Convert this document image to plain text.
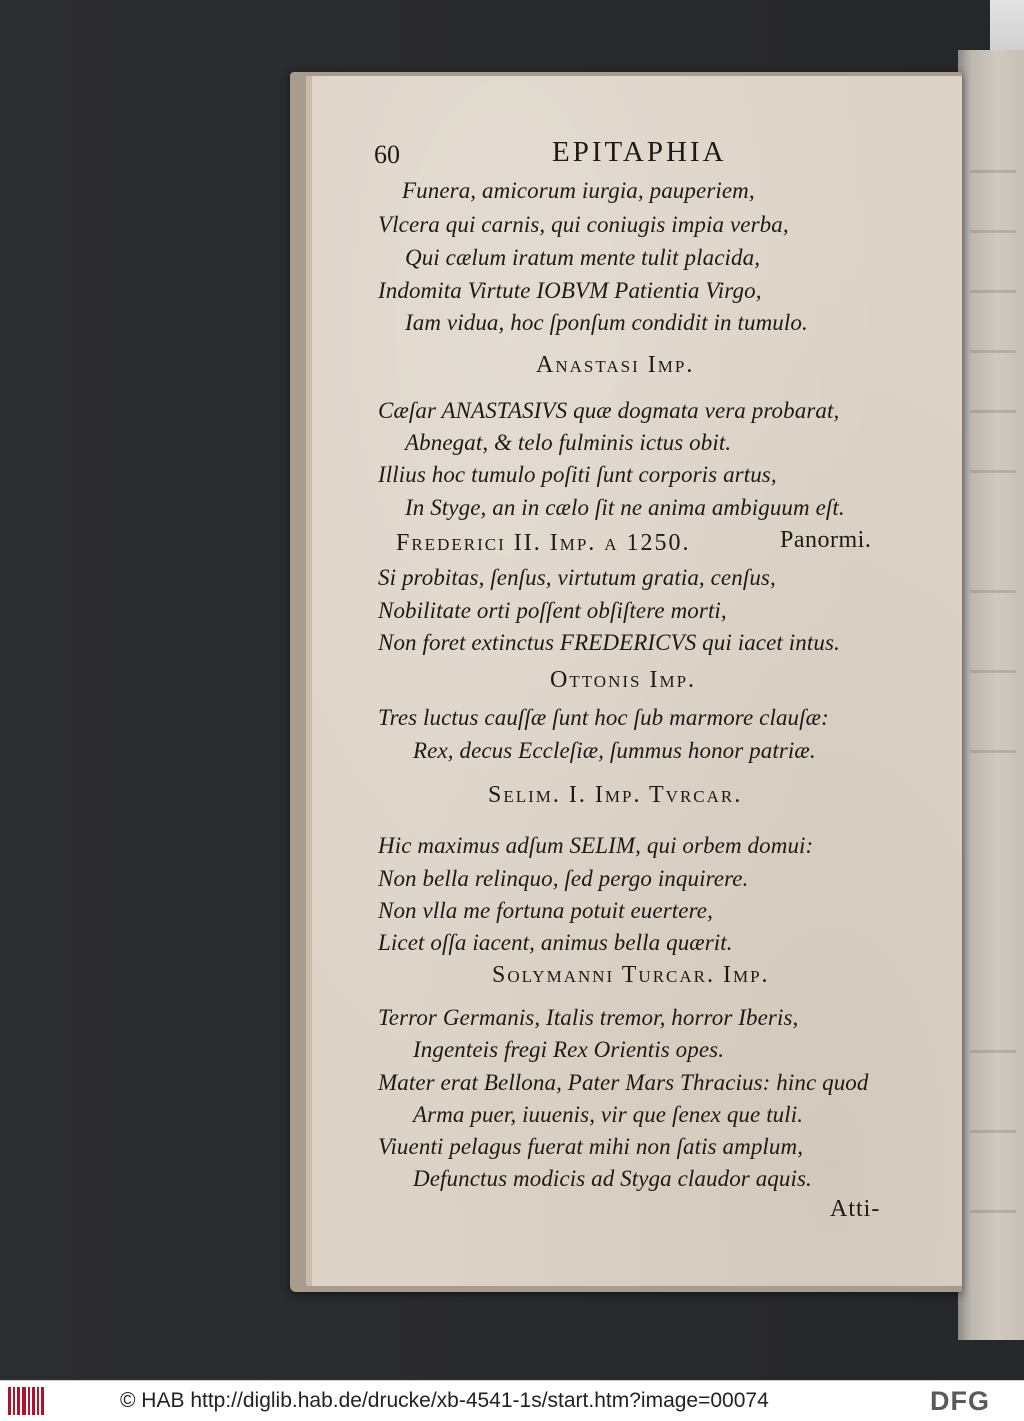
60	EPITAPHIA
Funera, amicorum iurgia, pauperiem,
Vlcera qui carnis, qui coniugis impia verba,
Qui cælum iratum mente tulit placida,
Indomita Virtute IOBVM Patientia Virgo,
Iam vidua, hoc ſponſum condidit in tumulo.
Anastasi Imp.
Cæſar ANASTASIVS quæ dogmata vera probarat,
Abnegat, & telo fulminis ictus obit.
Illius hoc tumulo poſiti ſunt corporis artus,
In Styge, an in cælo ſit ne anima ambiguum eſt.
Frederici II. Imp. a 1250.	Panormi.
Si probitas, ſenſus, virtutum gratia, cenſus,
Nobilitate orti poſſent obſiſtere morti,
Non foret extinctus FREDERICVS qui iacet intus.
Ottonis Imp.
Tres luctus cauſſæ ſunt hoc ſub marmore clauſæ:
Rex, decus Eccleſiæ, ſummus honor patriæ.
Selim. I. Imp. Tvrcar.
Hic maximus adſum SELIM, qui orbem domui:
Non bella relinquo, ſed pergo inquirere.
Non vlla me fortuna potuit euertere,
Licet oſſa iacent, animus bella quærit.
Solymanni Turcar. Imp.
Terror Germanis, Italis tremor, horror Iberis,
Ingenteis fregi Rex Orientis opes.
Mater erat Bellona, Pater Mars Thracius: hinc quod
Arma puer, iuuenis, vir que ſenex que tuli.
Viuenti pelagus fuerat mihi non ſatis amplum,
Defunctus modicis ad Styga claudor aquis.
Atti-
© HAB http://diglib.hab.de/drucke/xb-4541-1s/start.htm?image=00074	DFG
